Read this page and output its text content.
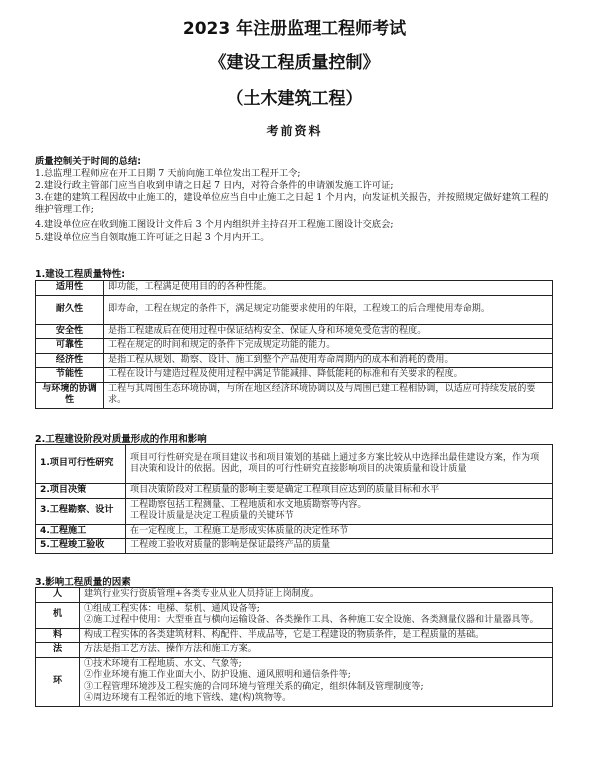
2023 年注册监理工程师考试
《建设工程质量控制》
（土木建筑工程）
考前资料
质量控制关于时间的总结:
1.总监理工程师应在开工日期 7 天前向施工单位发出工程开工令;
2.建设行政主管部门应当自收到申请之日起 7 日内，对符合条件的申请颁发施工许可证;
3.在建的建筑工程因故中止施工的，建设单位应当自中止施工之日起 1 个月内，向发证机关报告，并按照规定做好建筑工程的维护管理工作;
4.建设单位应在收到施工图设计文件后 3 个月内组织并主持召开工程施工图设计交底会;
5.建设单位应当自领取施工许可证之日起 3 个月内开工。
1.建设工程质量特性:
适用性	即功能，工程满足使用目的的各种性能。
耐久性	即寿命，工程在规定的条件下，满足规定功能要求使用的年限，工程竣工的后合理使用寿命期。
安全性	是指工程建成后在使用过程中保证结构安全、保证人身和环境免受危害的程度。
可靠性	工程在规定的时间和规定的条件下完成规定功能的能力。
经济性	是指工程从规划、勘察、设计、施工到整个产品使用寿命周期内的成本和消耗的费用。
节能性	工程在设计与建造过程及使用过程中满足节能减排、降低能耗的标准和有关要求的程度。
与环境的协调性	工程与其周围生态环境协调，与所在地区经济环境协调以及与周围已建工程相协调，以适应可持续发展的要求。
2.工程建设阶段对质量形成的作用和影响
1.项目可行性研究	项目可行性研究是在项目建议书和项目策划的基础上通过多方案比较从中选择出最佳建设方案，作为项目决策和设计的依据。因此，项目的可行性研究直接影响项目的决策质量和设计质量
2.项目决策	项目决策阶段对工程质量的影响主要是确定工程项目应达到的质量目标和水平
3.工程勘察、设计	工程勘察包括工程测量、工程地质和水文地质勘察等内容。
工程设计质量是决定工程质量的关键环节

4.工程施工	在一定程度上，工程施工是形成实体质量的决定性环节
5.工程竣工验收	工程竣工验收对质量的影响是保证最终产品的质量
3.影响工程质量的因素
人	建筑行业实行资质管理+各类专业从业人员持证上岗制度。

机	①组成工程实体：电梯、泵机、通风设备等;
②施工过程中使用：大型垂直与横向运输设备、各类操作工具、各种施工安全设施、各类测量仪器和计量器具等。

料	构成工程实体的各类建筑材料、构配件、半成品等，它是工程建设的物质条件，是工程质量的基础。

法	方法是指工艺方法、操作方法和施工方案。

环	①技术环境有工程地质、水文、气象等;
②作业环境有施工作业面大小、防护设施、通风照明和通信条件等;
③工程管理环境涉及工程实施的合同环境与管理关系的确定，组织体制及管理制度等;
④周边环境有工程邻近的地下管线、建(构)筑物等。
